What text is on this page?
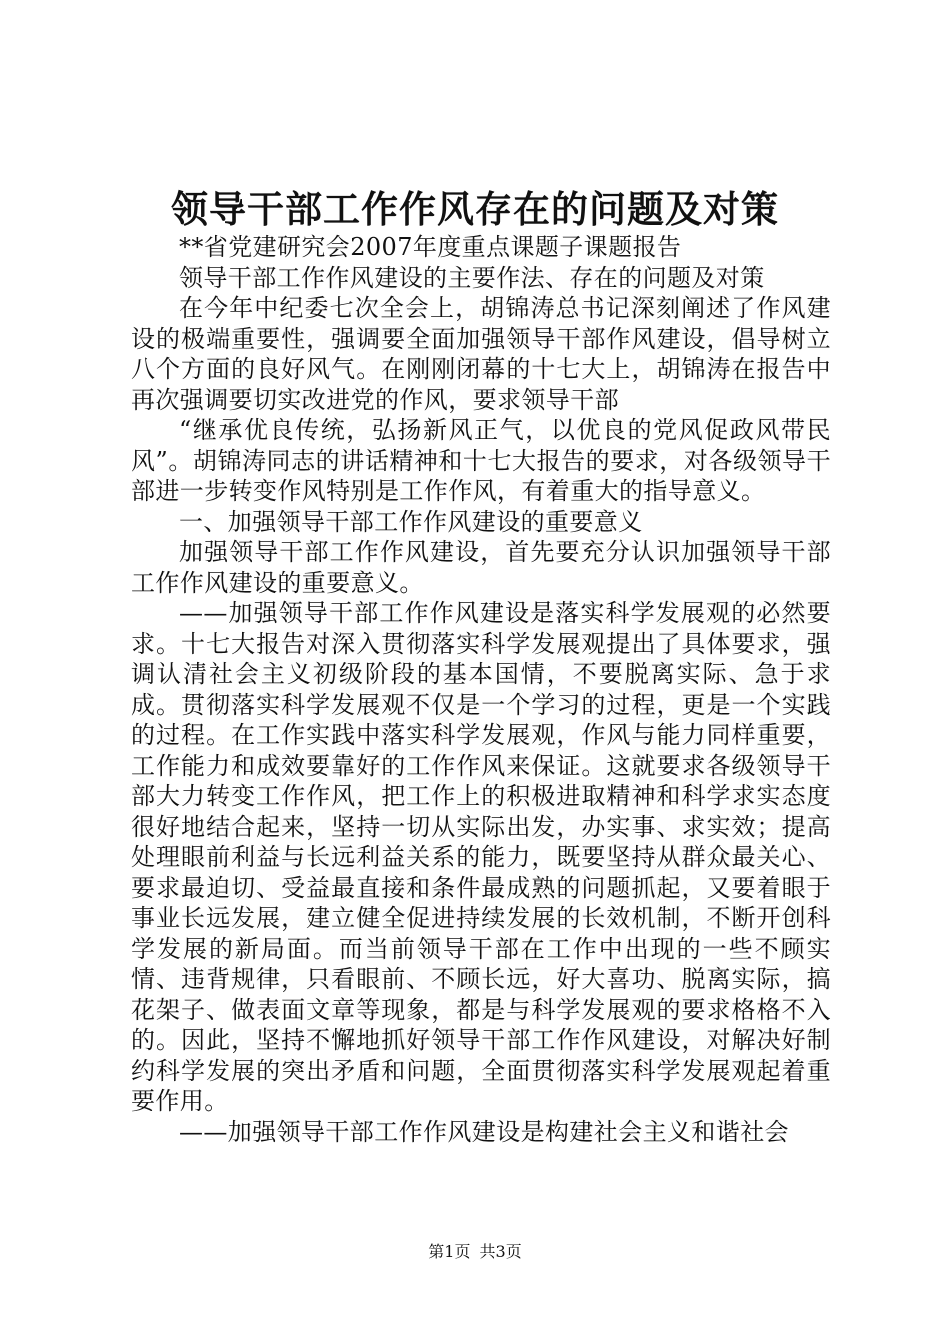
领导干部工作作风存在的问题及对策

**省党建研究会2007年度重点课题子课题报告

领导干部工作作风建设的主要作法、存在的问题及对策

在今年中纪委七次全会上，胡锦涛总书记深刻阐述了作风建设的极端重要性，强调要全面加强领导干部作风建设，倡导树立八个方面的良好风气。在刚刚闭幕的十七大上，胡锦涛在报告中再次强调要切实改进党的作风，要求领导干部

“继承优良传统，弘扬新风正气，以优良的党风促政风带民风”。胡锦涛同志的讲话精神和十七大报告的要求，对各级领导干部进一步转变作风特别是工作作风，有着重大的指导意义。

一、加强领导干部工作作风建设的重要意义

加强领导干部工作作风建设，首先要充分认识加强领导干部工作作风建设的重要意义。

——加强领导干部工作作风建设是落实科学发展观的必然要求。十七大报告对深入贯彻落实科学发展观提出了具体要求，强调认清社会主义初级阶段的基本国情，不要脱离实际、急于求成。贯彻落实科学发展观不仅是一个学习的过程，更是一个实践的过程。在工作实践中落实科学发展观，作风与能力同样重要，工作能力和成效要靠好的工作作风来保证。这就要求各级领导干部大力转变工作作风，把工作上的积极进取精神和科学求实态度很好地结合起来，坚持一切从实际出发，办实事、求实效；提高处理眼前利益与长远利益关系的能力，既要坚持从群众最关心、要求最迫切、受益最直接和条件最成熟的问题抓起，又要着眼于事业长远发展，建立健全促进持续发展的长效机制，不断开创科学发展的新局面。而当前领导干部在工作中出现的一些不顾实情、违背规律，只看眼前、不顾长远，好大喜功、脱离实际，搞花架子、做表面文章等现象，都是与科学发展观的要求格格不入的。因此，坚持不懈地抓好领导干部工作作风建设，对解决好制约科学发展的突出矛盾和问题，全面贯彻落实科学发展观起着重要作用。

——加强领导干部工作作风建设是构建社会主义和谐社会

第1页 共3页
